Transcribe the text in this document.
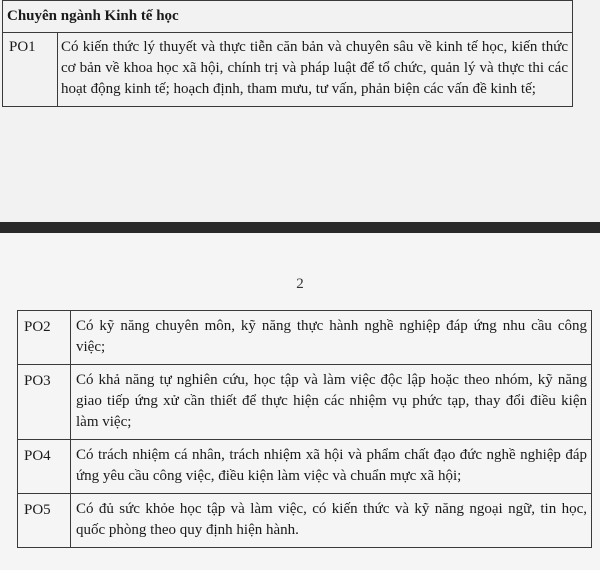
Chuyên ngành Kinh tế học
PO1	Có kiến thức lý thuyết và thực tiễn căn bản và chuyên sâu về kinh tế học, kiến thức cơ bản về khoa học xã hội, chính trị và pháp luật để tổ chức, quản lý và thực thi các hoạt động kinh tế; hoạch định, tham mưu, tư vấn, phản biện các vấn đề kinh tế;
2
PO2	Có kỹ năng chuyên môn, kỹ năng thực hành nghề nghiệp đáp ứng nhu cầu công việc;
PO3	Có khả năng tự nghiên cứu, học tập và làm việc độc lập hoặc theo nhóm, kỹ năng giao tiếp ứng xử cần thiết để thực hiện các nhiệm vụ phức tạp, thay đổi điều kiện làm việc;
PO4	Có trách nhiệm cá nhân, trách nhiệm xã hội và phẩm chất đạo đức nghề nghiệp đáp ứng yêu cầu công việc, điều kiện làm việc và chuẩn mực xã hội;
PO5	Có đủ sức khỏe học tập và làm việc, có kiến thức và kỹ năng ngoại ngữ, tin học, quốc phòng theo quy định hiện hành.
